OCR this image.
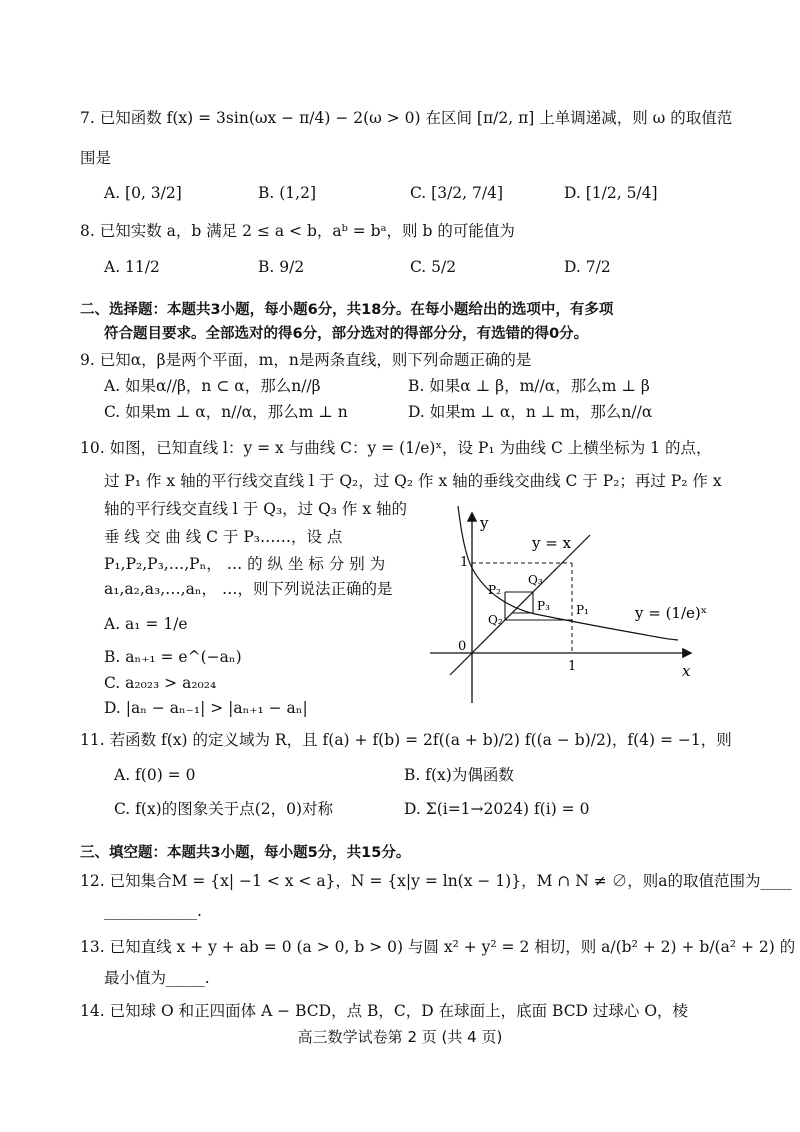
7. 已知函数 f(x) = 3sin(ωx − π/4) − 2(ω > 0) 在区间 [π/2, π] 上单调递减，则 ω 的取值范
围是
A. [0, 3/2]	B. (1,2]	C. [3/2, 7/4]	D. [1/2, 5/4]
8. 已知实数 a，b 满足 2 ≤ a < b，aᵇ = bᵃ，则 b 的可能值为
A. 11/2	B. 9/2	C. 5/2	D. 7/2
二、选择题：本题共3小题，每小题6分，共18分。在每小题给出的选项中，有多项
符合题目要求。全部选对的得6分，部分选对的得部分分，有选错的得0分。
9. 已知α，β是两个平面，m，n是两条直线，则下列命题正确的是
A. 如果α//β，n ⊂ α，那么n//β	B. 如果α ⊥ β，m//α，那么m ⊥ β
C. 如果m ⊥ α，n//α，那么m ⊥ n	D. 如果m ⊥ α，n ⊥ m，那么n//α
10. 如图，已知直线 l：y = x 与曲线 C：y = (1/e)ˣ，设 P₁ 为曲线 C 上横坐标为 1 的点，
过 P₁ 作 x 轴的平行线交直线 l 于 Q₂，过 Q₂ 作 x 轴的垂线交曲线 C 于 P₂；再过 P₂ 作 x
轴的平行线交直线 l 于 Q₃，过 Q₃ 作 x 轴的
垂 线 交 曲 线 C 于 P₃……，设 点
P₁,P₂,P₃,…,Pₙ， … 的 纵 坐 标 分 别 为
a₁,a₂,a₃,…,aₙ， …，则下列说法正确的是
A. a₁ = 1/e
B. aₙ₊₁ = e^(−aₙ)
C. a₂₀₂₃ > a₂₀₂₄
D. |aₙ − aₙ₋₁| > |aₙ₊₁ − aₙ|
y
x
0
1
1
y = x
y = (1/e)ˣ
P₁
P₂
P₃
Q₂
Q₃
11. 若函数 f(x) 的定义域为 R，且 f(a) + f(b) = 2f((a + b)/2) f((a − b)/2)，f(4) = −1，则
A. f(0) = 0	B. f(x)为偶函数
C. f(x)的图象关于点(2，0)对称	D. Σ(i=1→2024) f(i) = 0
三、填空题：本题共3小题，每小题5分，共15分。
12. 已知集合M = {x| −1 < x < a}，N = {x|y = ln(x − 1)}，M ∩ N ≠ ∅，则a的取值范围为____
____________.
13. 已知直线 x + y + ab = 0 (a > 0, b > 0) 与圆 x² + y² = 2 相切，则 a/(b² + 2) + b/(a² + 2) 的
最小值为_____.
14. 已知球 O 和正四面体 A − BCD，点 B，C，D 在球面上，底面 BCD 过球心 O，棱
高三数学试卷第 2 页 (共 4 页)
